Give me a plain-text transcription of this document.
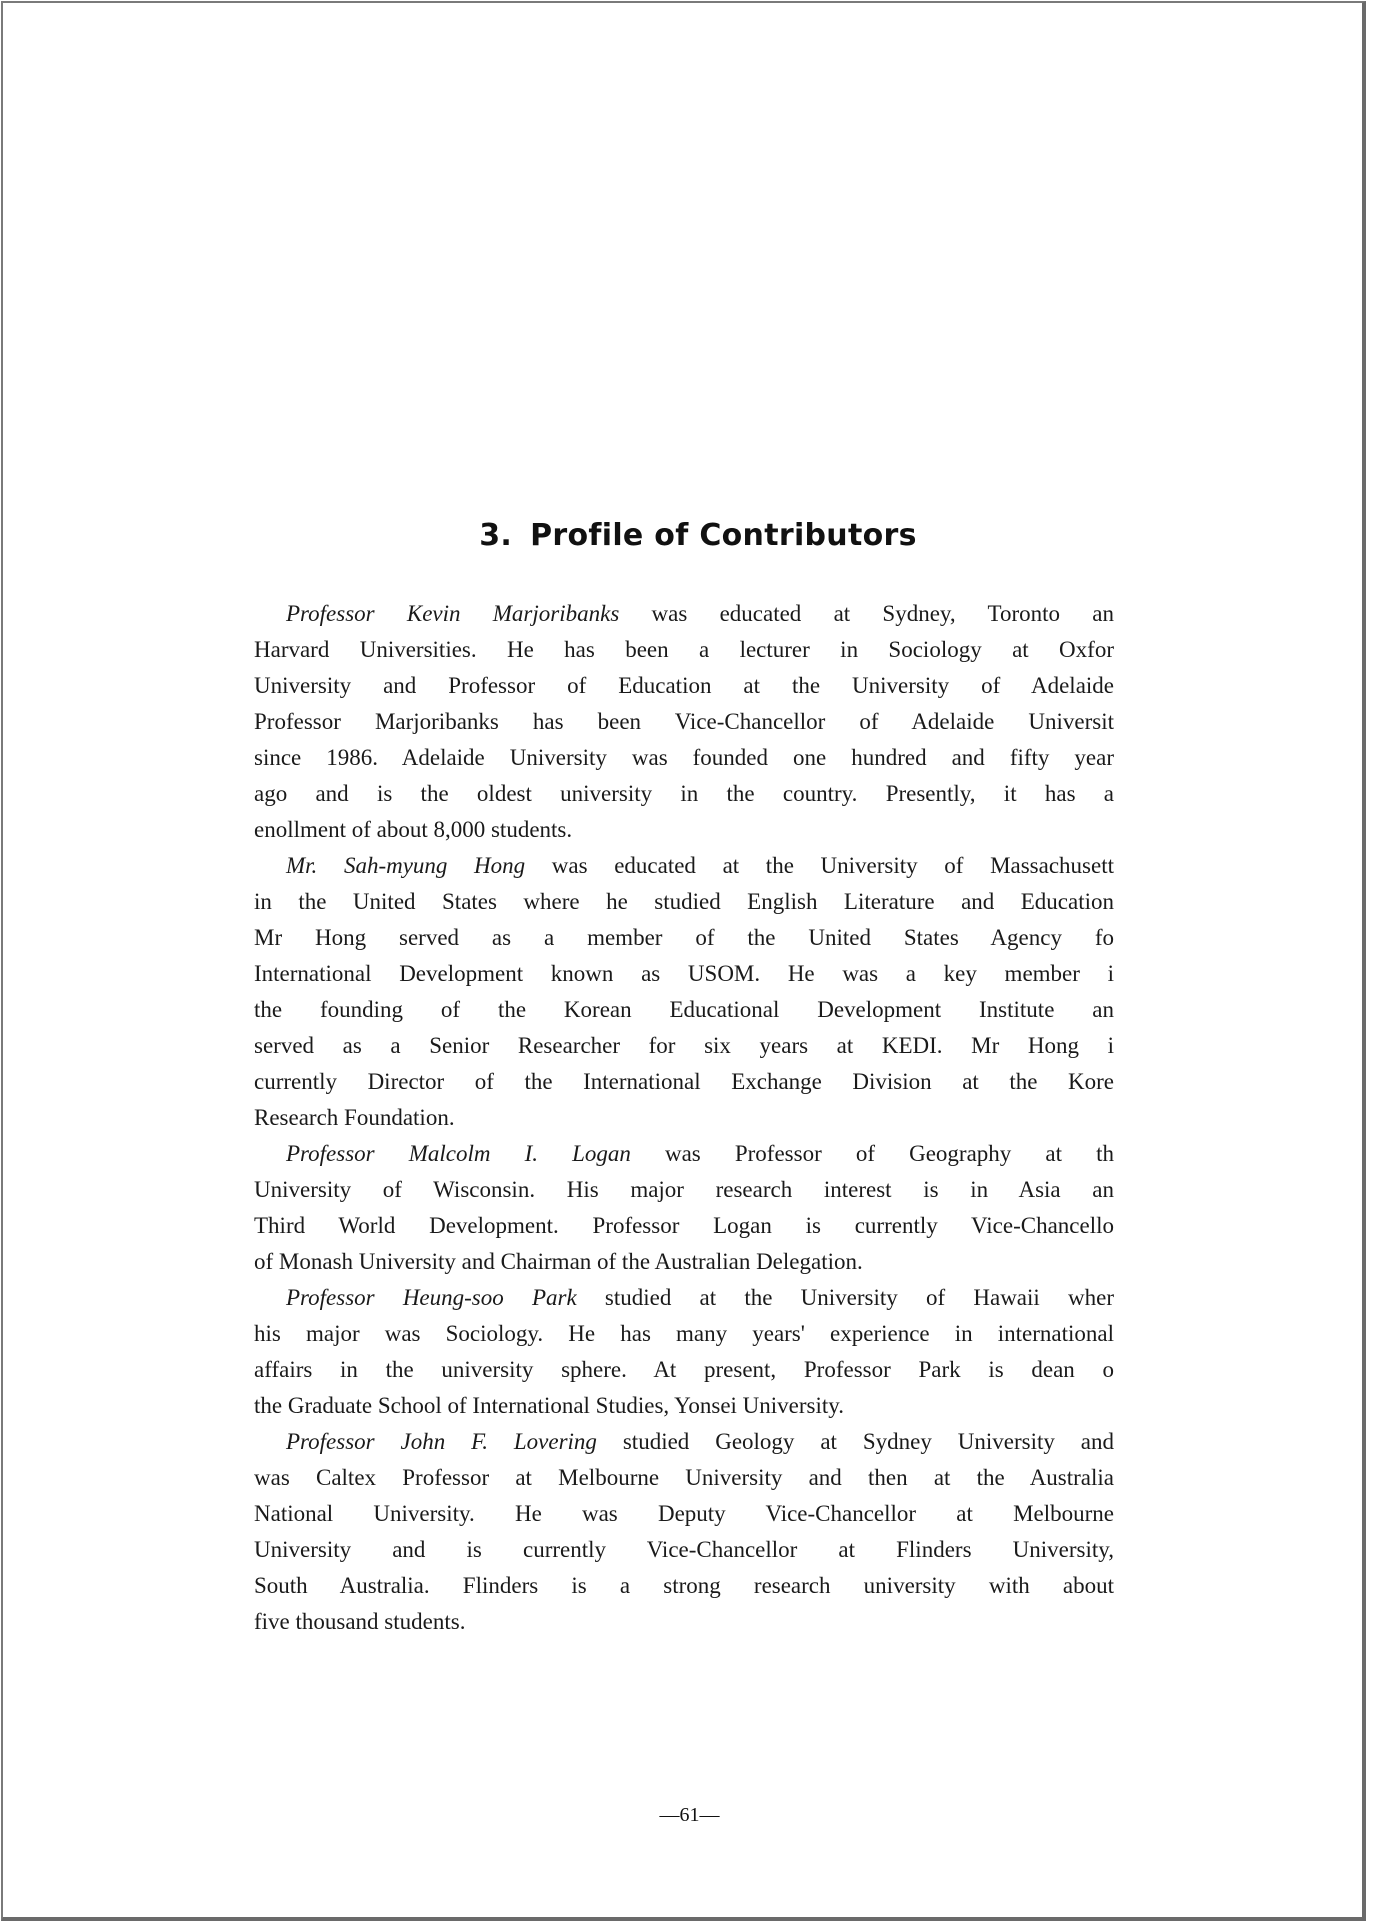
3. Profile of Contributors
Professor Kevin Marjoribanks was educated at Sydney, Toronto an
Harvard Universities. He has been a lecturer in Sociology at Oxfor
University and Professor of Education at the University of Adelaide
Professor Marjoribanks has been Vice-Chancellor of Adelaide Universit
since 1986. Adelaide University was founded one hundred and fifty year
ago and is the oldest university in the country. Presently, it has a
enollment of about 8,000 students.
Mr. Sah-myung Hong was educated at the University of Massachusett
in the United States where he studied English Literature and Education
Mr Hong served as a member of the United States Agency fo
International Development known as USOM. He was a key member i
the founding of the Korean Educational Development Institute an
served as a Senior Researcher for six years at KEDI. Mr Hong i
currently Director of the International Exchange Division at the Kore
Research Foundation.
Professor Malcolm I. Logan was Professor of Geography at th
University of Wisconsin. His major research interest is in Asia an
Third World Development. Professor Logan is currently Vice-Chancello
of Monash University and Chairman of the Australian Delegation.
Professor Heung-soo Park studied at the University of Hawaii wher
his major was Sociology. He has many years' experience in international
affairs in the university sphere. At present, Professor Park is dean o
the Graduate School of International Studies, Yonsei University.
Professor John F. Lovering studied Geology at Sydney University and
was Caltex Professor at Melbourne University and then at the Australia
National University. He was Deputy Vice-Chancellor at Melbourne
University and is currently Vice-Chancellor at Flinders University,
South Australia. Flinders is a strong research university with about
five thousand students.

—61—
